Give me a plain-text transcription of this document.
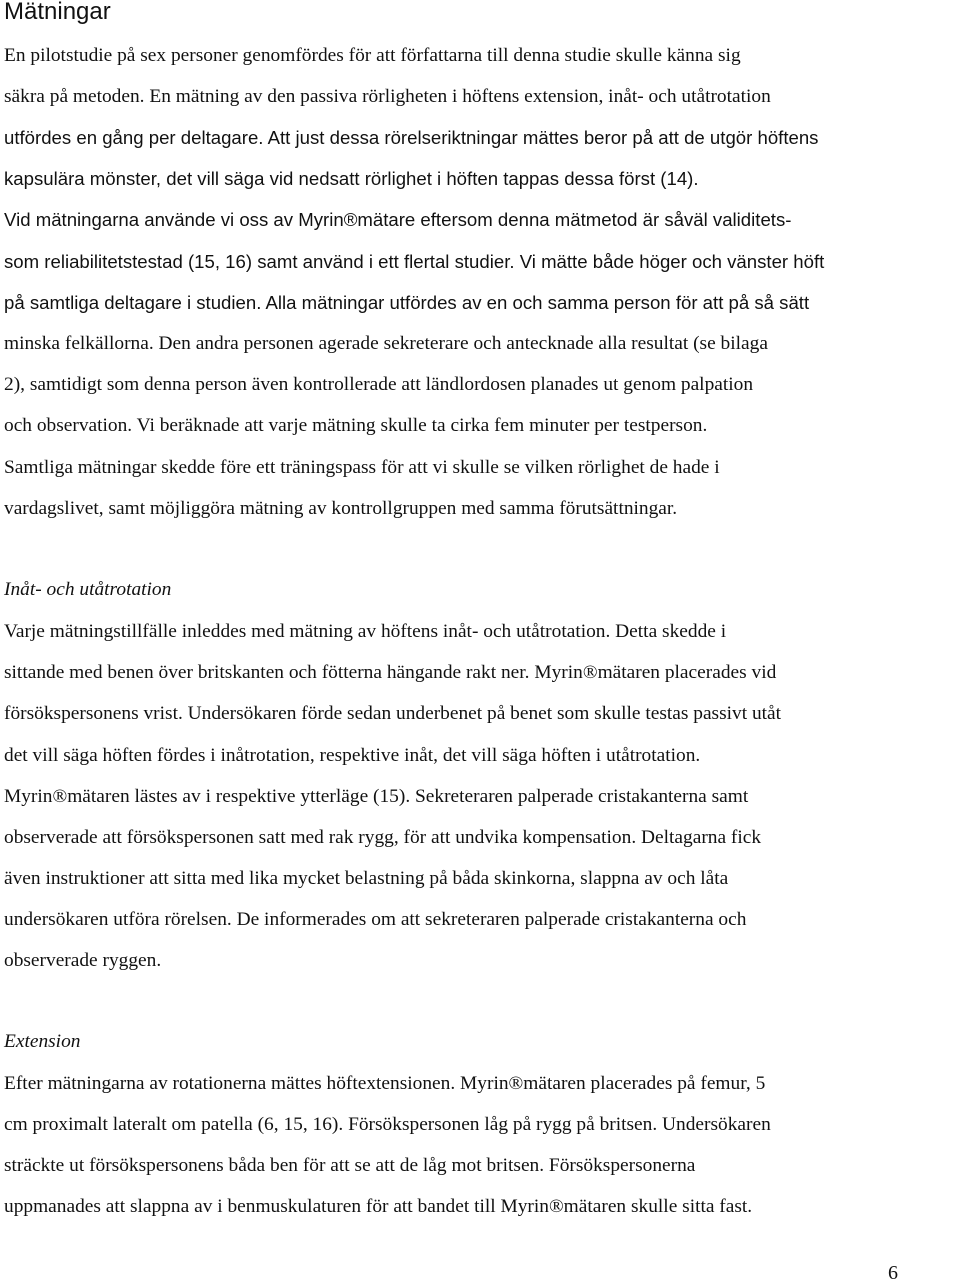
Mätningar
En pilotstudie på sex personer genomfördes för att författarna till denna studie skulle känna sig
säkra på metoden. En mätning av den passiva rörligheten i höftens extension, inåt- och utåtrotation
utfördes en gång per deltagare. Att just dessa rörelseriktningar mättes beror på att de utgör höftens
kapsulära mönster, det vill säga vid nedsatt rörlighet i höften tappas dessa först (14).
Vid mätningarna använde vi oss av Myrin®mätare eftersom denna mätmetod är såväl validitets-
som reliabilitetstestad (15, 16) samt använd i ett flertal studier. Vi mätte både höger och vänster höft
på samtliga deltagare i studien. Alla mätningar utfördes av en och samma person för att på så sätt
minska felkällorna. Den andra personen agerade sekreterare och antecknade alla resultat (se bilaga
2), samtidigt som denna person även kontrollerade att ländlordosen planades ut genom palpation
och observation. Vi beräknade att varje mätning skulle ta cirka fem minuter per testperson.
Samtliga mätningar skedde före ett träningspass för att vi skulle se vilken rörlighet de hade i
vardagslivet, samt möjliggöra mätning av kontrollgruppen med samma förutsättningar.
Inåt- och utåtrotation
Varje mätningstillfälle inleddes med mätning av höftens inåt- och utåtrotation. Detta skedde i
sittande med benen över britskanten och fötterna hängande rakt ner. Myrin®mätaren placerades vid
försökspersonens vrist. Undersökaren förde sedan underbenet på benet som skulle testas passivt utåt
det vill säga höften fördes i inåtrotation, respektive inåt, det vill säga höften i utåtrotation.
Myrin®mätaren lästes av i respektive ytterläge (15). Sekreteraren palperade cristakanterna samt
observerade att försökspersonen satt med rak rygg, för att undvika kompensation. Deltagarna fick
även instruktioner att sitta med lika mycket belastning på båda skinkorna, slappna av och låta
undersökaren utföra rörelsen. De informerades om att sekreteraren palperade cristakanterna och
observerade ryggen.
Extension
Efter mätningarna av rotationerna mättes höftextensionen. Myrin®mätaren placerades på femur, 5
cm proximalt lateralt om patella (6, 15, 16). Försökspersonen låg på rygg på britsen. Undersökaren
sträckte ut försökspersonens båda ben för att se att de låg mot britsen. Försökspersonerna
uppmanades att slappna av i benmuskulaturen för att bandet till Myrin®mätaren skulle sitta fast.
6
